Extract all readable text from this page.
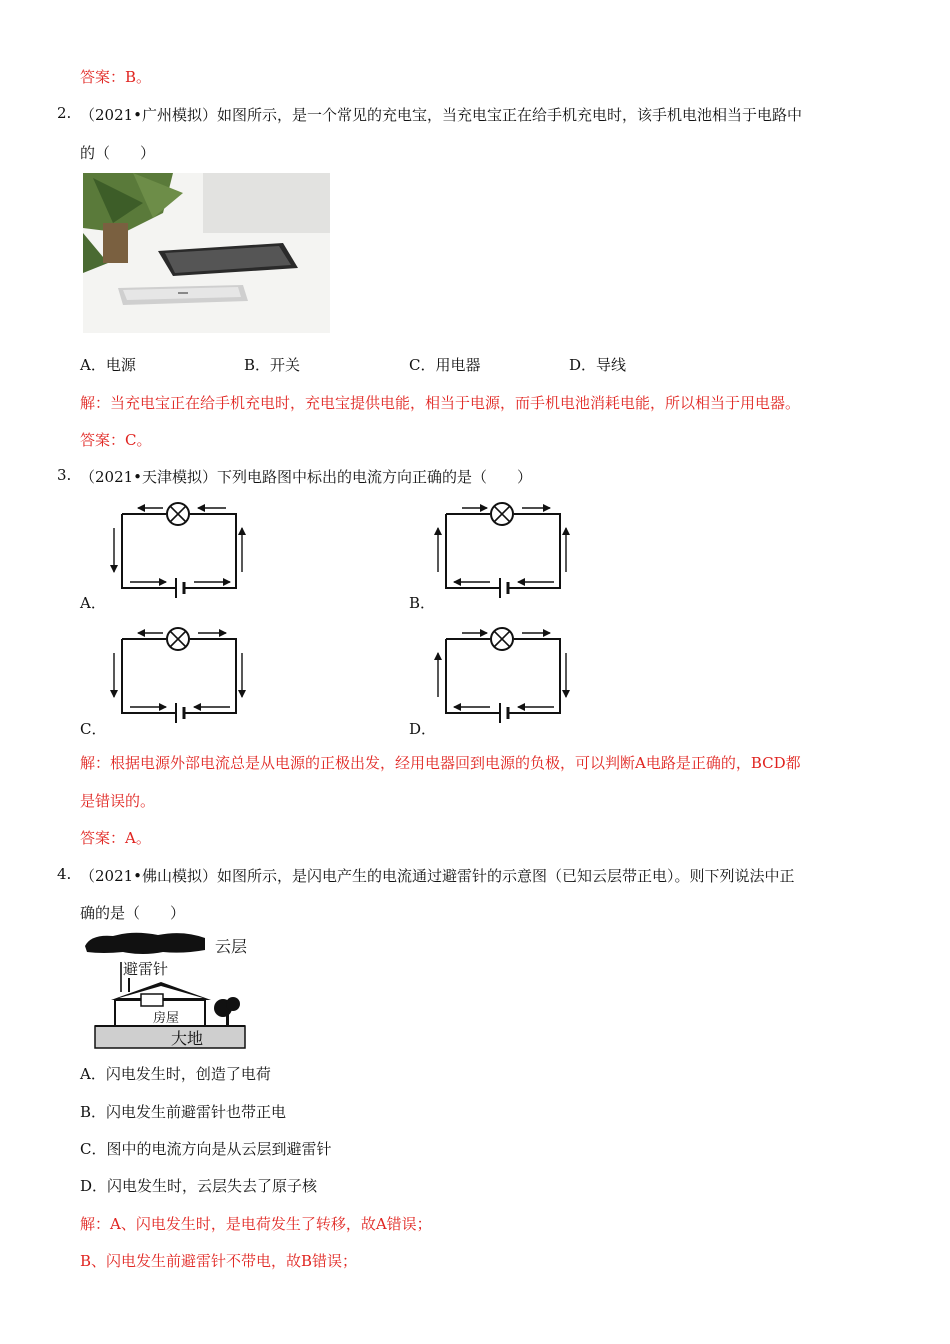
答案：B。
2. （2021•广州模拟）如图所示，是一个常见的充电宝，当充电宝正在给手机充电时，该手机电池相当于电路中
的（　　）
A．电源	B．开关	C．用电器	D．导线
解：当充电宝正在给手机充电时，充电宝提供电能，相当于电源，而手机电池消耗电能，所以相当于用电器。
答案：C。
3. （2021•天津模拟）下列电路图中标出的电流方向正确的是（　　）
A．	B．
C．	D．
解：根据电源外部电流总是从电源的正极出发，经用电器回到电源的负极，可以判断A电路是正确的，BCD都
是错误的。
答案：A。
4. （2021•佛山模拟）如图所示，是闪电产生的电流通过避雷针的示意图（已知云层带正电）。则下列说法中正
确的是（　　）
云层
避雷针
房屋
大地
A．闪电发生时，创造了电荷
B．闪电发生前避雷针也带正电
C．图中的电流方向是从云层到避雷针
D．闪电发生时，云层失去了原子核
解：A、闪电发生时，是电荷发生了转移，故A错误；
B、闪电发生前避雷针不带电，故B错误；
